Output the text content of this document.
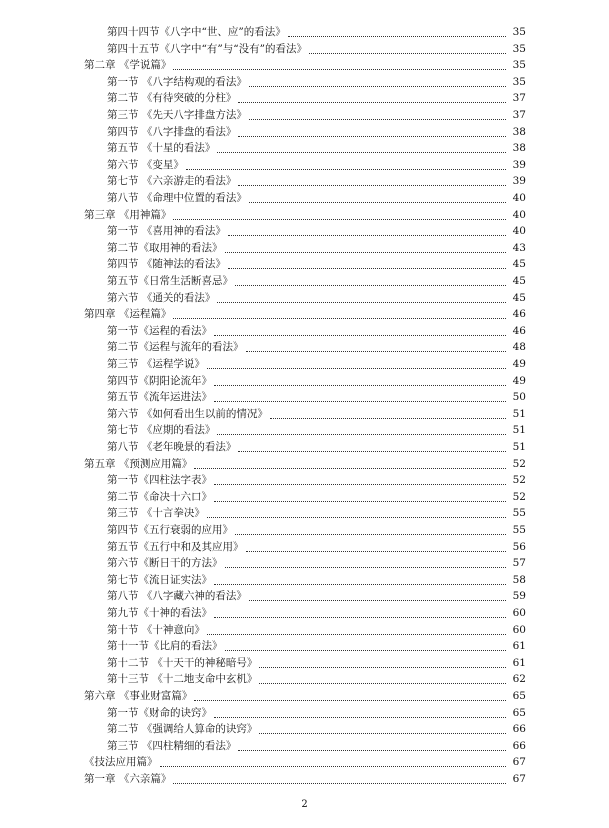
第四十四节《八字中“世、应”的看法》	35
第四十五节《八字中“有”与“没有”的看法》	35
第二章 《学说篇》	35
第一节 《八字结构观的看法》	35
第二节 《有待突破的分柱》	37
第三节 《先天八字排盘方法》	37
第四节 《八字排盘的看法》	38
第五节 《十星的看法》	38
第六节 《变星》	39
第七节 《六亲游走的看法》	39
第八节 《命理中位置的看法》	40
第三章 《用神篇》	40
第一节 《喜用神的看法》	40
第二节《取用神的看法》	43
第四节 《随神法的看法》	45
第五节《日常生活断喜忌》	45
第六节 《通关的看法》	45
第四章 《运程篇》	46
第一节《运程的看法》	46
第二节《运程与流年的看法》	48
第三节 《运程学说》	49
第四节《阴阳论流年》	49
第五节《流年运进法》	50
第六节 《如何看出生以前的情况》	51
第七节 《应期的看法》	51
第八节 《老年晚景的看法》	51
第五章 《预测应用篇》	52
第一节《四柱法字表》	52
第二节《命决十六口》	52
第三节 《十言拳决》	55
第四节《五行衰弱的应用》	55
第五节《五行中和及其应用》	56
第六节《断日干的方法》	57
第七节《流日证实法》	58
第八节 《八字藏六神的看法》	59
第九节《十神的看法》	60
第十节 《十神意向》	60
第十一节《比肩的看法》	61
第十二节 《十天干的神秘暗号》	61
第十三节 《十二地支命中玄机》	62
第六章 《事业财富篇》	65
第一节《财命的诀窍》	65
第二节 《强调给人算命的诀窍》	66
第三节 《四柱精细的看法》	66
《技法应用篇》	67
第一章 《六亲篇》	67
2
